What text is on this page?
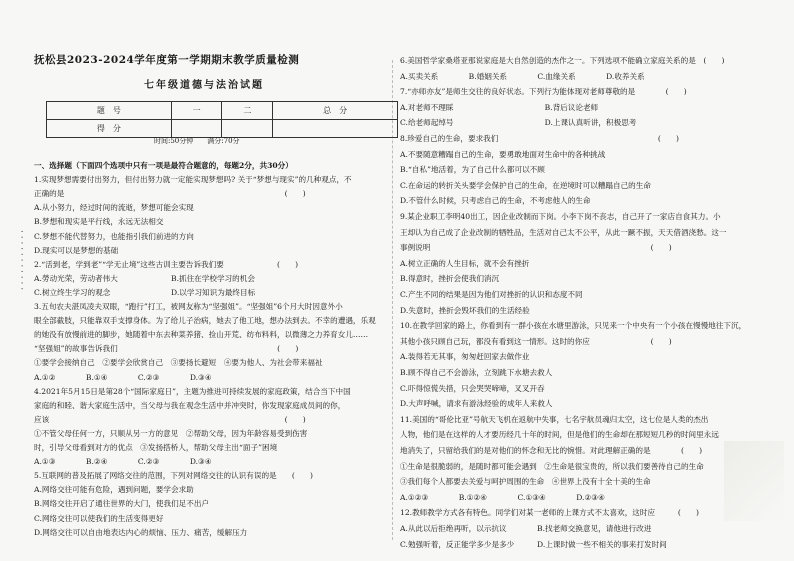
· · · · · · · · · · ·
抚松县2023-2024学年度第一学期期末教学质量检测
七年级道德与法治试题
题　号	一	二	总　分
得　分			
时间:50分钟　　满分:70分
一、选择题（下面四个选项中只有一项是最符合题意的，每题2分，共30分）
1.实现梦想需要付出努力，但付出努力就一定能实现梦想吗? 关于“梦想与现实”的几种观点，不
正确的是　　　　　　　　　　　　　　　　　　　　　　　　　　　　　(　　)
A.从小努力，经过时间的流逝，梦想可能会实现
B.梦想和现实是平行线，永远无法相交
C.梦想不能代替努力，也能指引我们前进的方向
D.现实可以是梦想的基础
2.“活到老，学到老”“学无止境”这些古训主要告诉我们要　　　　　　　(　　)
A.勞动光荣，劳动者伟大　　　　　　　B.抓住在学校学习的机会
C.树立终生学习的观念　　　　　　　　D.以学习知识为最终目标
3.五旬农夫湛凤凌夫双眼，“跑行”打工，被网友称为“坚强姐”。“坚强姐”6个月大时因意外小
眼全部截肢，只能靠双手支撑身体。为了给儿子治病，她去了他工地，想办法到去。不幸的遭遇，乐观
的她没有放慢前进的脚步，她随着中东去种菜养猪、捡山开荒、纺布料料，以微薄之力养育女儿……
“坚强姐”的故事告诉我们　　　　　　　　　　　　　　　　　　　　　(　　)
①要学会接纳自己　②要学会欣赏自己　③要扬长避短　④要为他人、为社会带来福祉
A.①②　　　　B.①④　　　　C.②③　　　　D.③④
4.2021年5月15日是第28个“国际家庭日”，主题为推进可持续发展的家庭政策，结合当下中国
家庭的和睦、谐大家庭生活中，当父母与我在观念生活中并冲突时，你发现家庭成员间的你，
应该　　　　　　　　　　　　　　　　　　　　　　　　　　　　　　　(　　)
①不管父母任何一方，只顺从另一方的意见　②帮助父母，因为年龄容易受到伤害
时，引导父母看到对方的优点　③发扬搭桥人，帮助父母主出“面子”困境
A.①③　　　　B.②④　　　　C.②③　　　　D.③④
5.互联网的普及拓展了网络交往的范围，下列对网络交往的认识有误的是　　(　　)
A.网络交往可能有危险，遇到问题，要学会求助
B.网络交往开启了通往世界的大门，使我们足不出户
C.网络交往可以使我们的生活变得更好
D.网络交往可以自由地表达内心的烦恼、压力、痛苦，缓解压力
6.美国哲学家桑塔亚那说家庭是大自然创造的杰作之一。下列选项不能确立家庭关系的是　(　　)
A.买卖关系　　　　B.婚姻关系　　　　C.血缘关系　　　　D.收养关系
7.“亦师亦友”是师生交往的良好状态。下列行为能体现对老师尊敬的是　　　　(　　)
A.对老师不理睬　　　　　　　　　　　　B.背后议论老师
C.给老师起绰号　　　　　　　　　　　　D.上课认真听讲，积极思考
8.珍爱自己的生命，要求我们　　　　　　　　　　　　　　　　　　　　　(　　)
A.不要随意糟蹋自己的生命，要勇敢地面对生命中的各种挑战
B.“自私”地活着，为了自己什么都可以不顾
C.在命运的转折关头要学会保护自己的生命，在逆境时可以糟蹋自己的生命
D.不管什么时候，只考虑自己的生命，不考虑他人的生命
9.某企业职工李明40出工，因企业改制而下岗。小李下岗不丧志，自己开了一家店自食其力。小
王却认为自己成了企业改制的牺牲品，生活对自己太不公平，从此一蹶不振，天天借酒浇愁。这一
事例说明　　　　　　　　　　　　　　　　　　　　　　　　　　　　　(　　)
A.树立正确的人生目标，就不会有挫折
B.得意时，挫折会使我们消沉
C.产生不同的结果是因为他们对挫折的认识和态度不同
D.失意时，挫折会毁坏我们的生活经验
10.在教学回家的路上，你看到有一群小孩在水塘里游泳，只见来一个中央有一个小孩在慢慢地往下沉，
其他小孩只顾自己玩，都没有看到这一情形。这时的你应　　　　　　　　(　　)
A.装得若无其事，匆匆赶回家去做作业
B.顾不得自己不会游泳，立刻跳下水塘去救人
C.吓得惊慌失措，只会哭哭啼啼，叉叉开吞
D.大声呼喊，请求有游泳经验的成年人来救人
11.美国的“哥伦比亚”号航天飞机在返航中失事，七名宇航员魂归太空，这七位是人类的杰出
人物，他们是在这样的人才要历经几十年的时间，但是他们的生命却在那短短几秒的时间里永远
地消失了，只留给我们的是对他们的怀念和无比的惋惜。对此理解正确的是　　　　(　　)
①生命是很脆弱的，是随时都可能会遇到　②生命是很宝贵的，所以我们要善待自己的生命
③我们每个人都要去关爱与呵护周围的生命　④世界上没有十全十美的生命
A.①②③　　　　B.①②④　　　　C.①③④　　　　D.②③④
12.教师教学方式各有特色。同学们对某一老师的上课方式不太喜欢，这时应　　　(　　)
A.从此以后拒绝再听，以示抗议　　　　B.找老师交换意见，请他进行改进
C.勉强听着，反正能学多少是多少　　　D.上课时做一些不相关的事来打发时间
